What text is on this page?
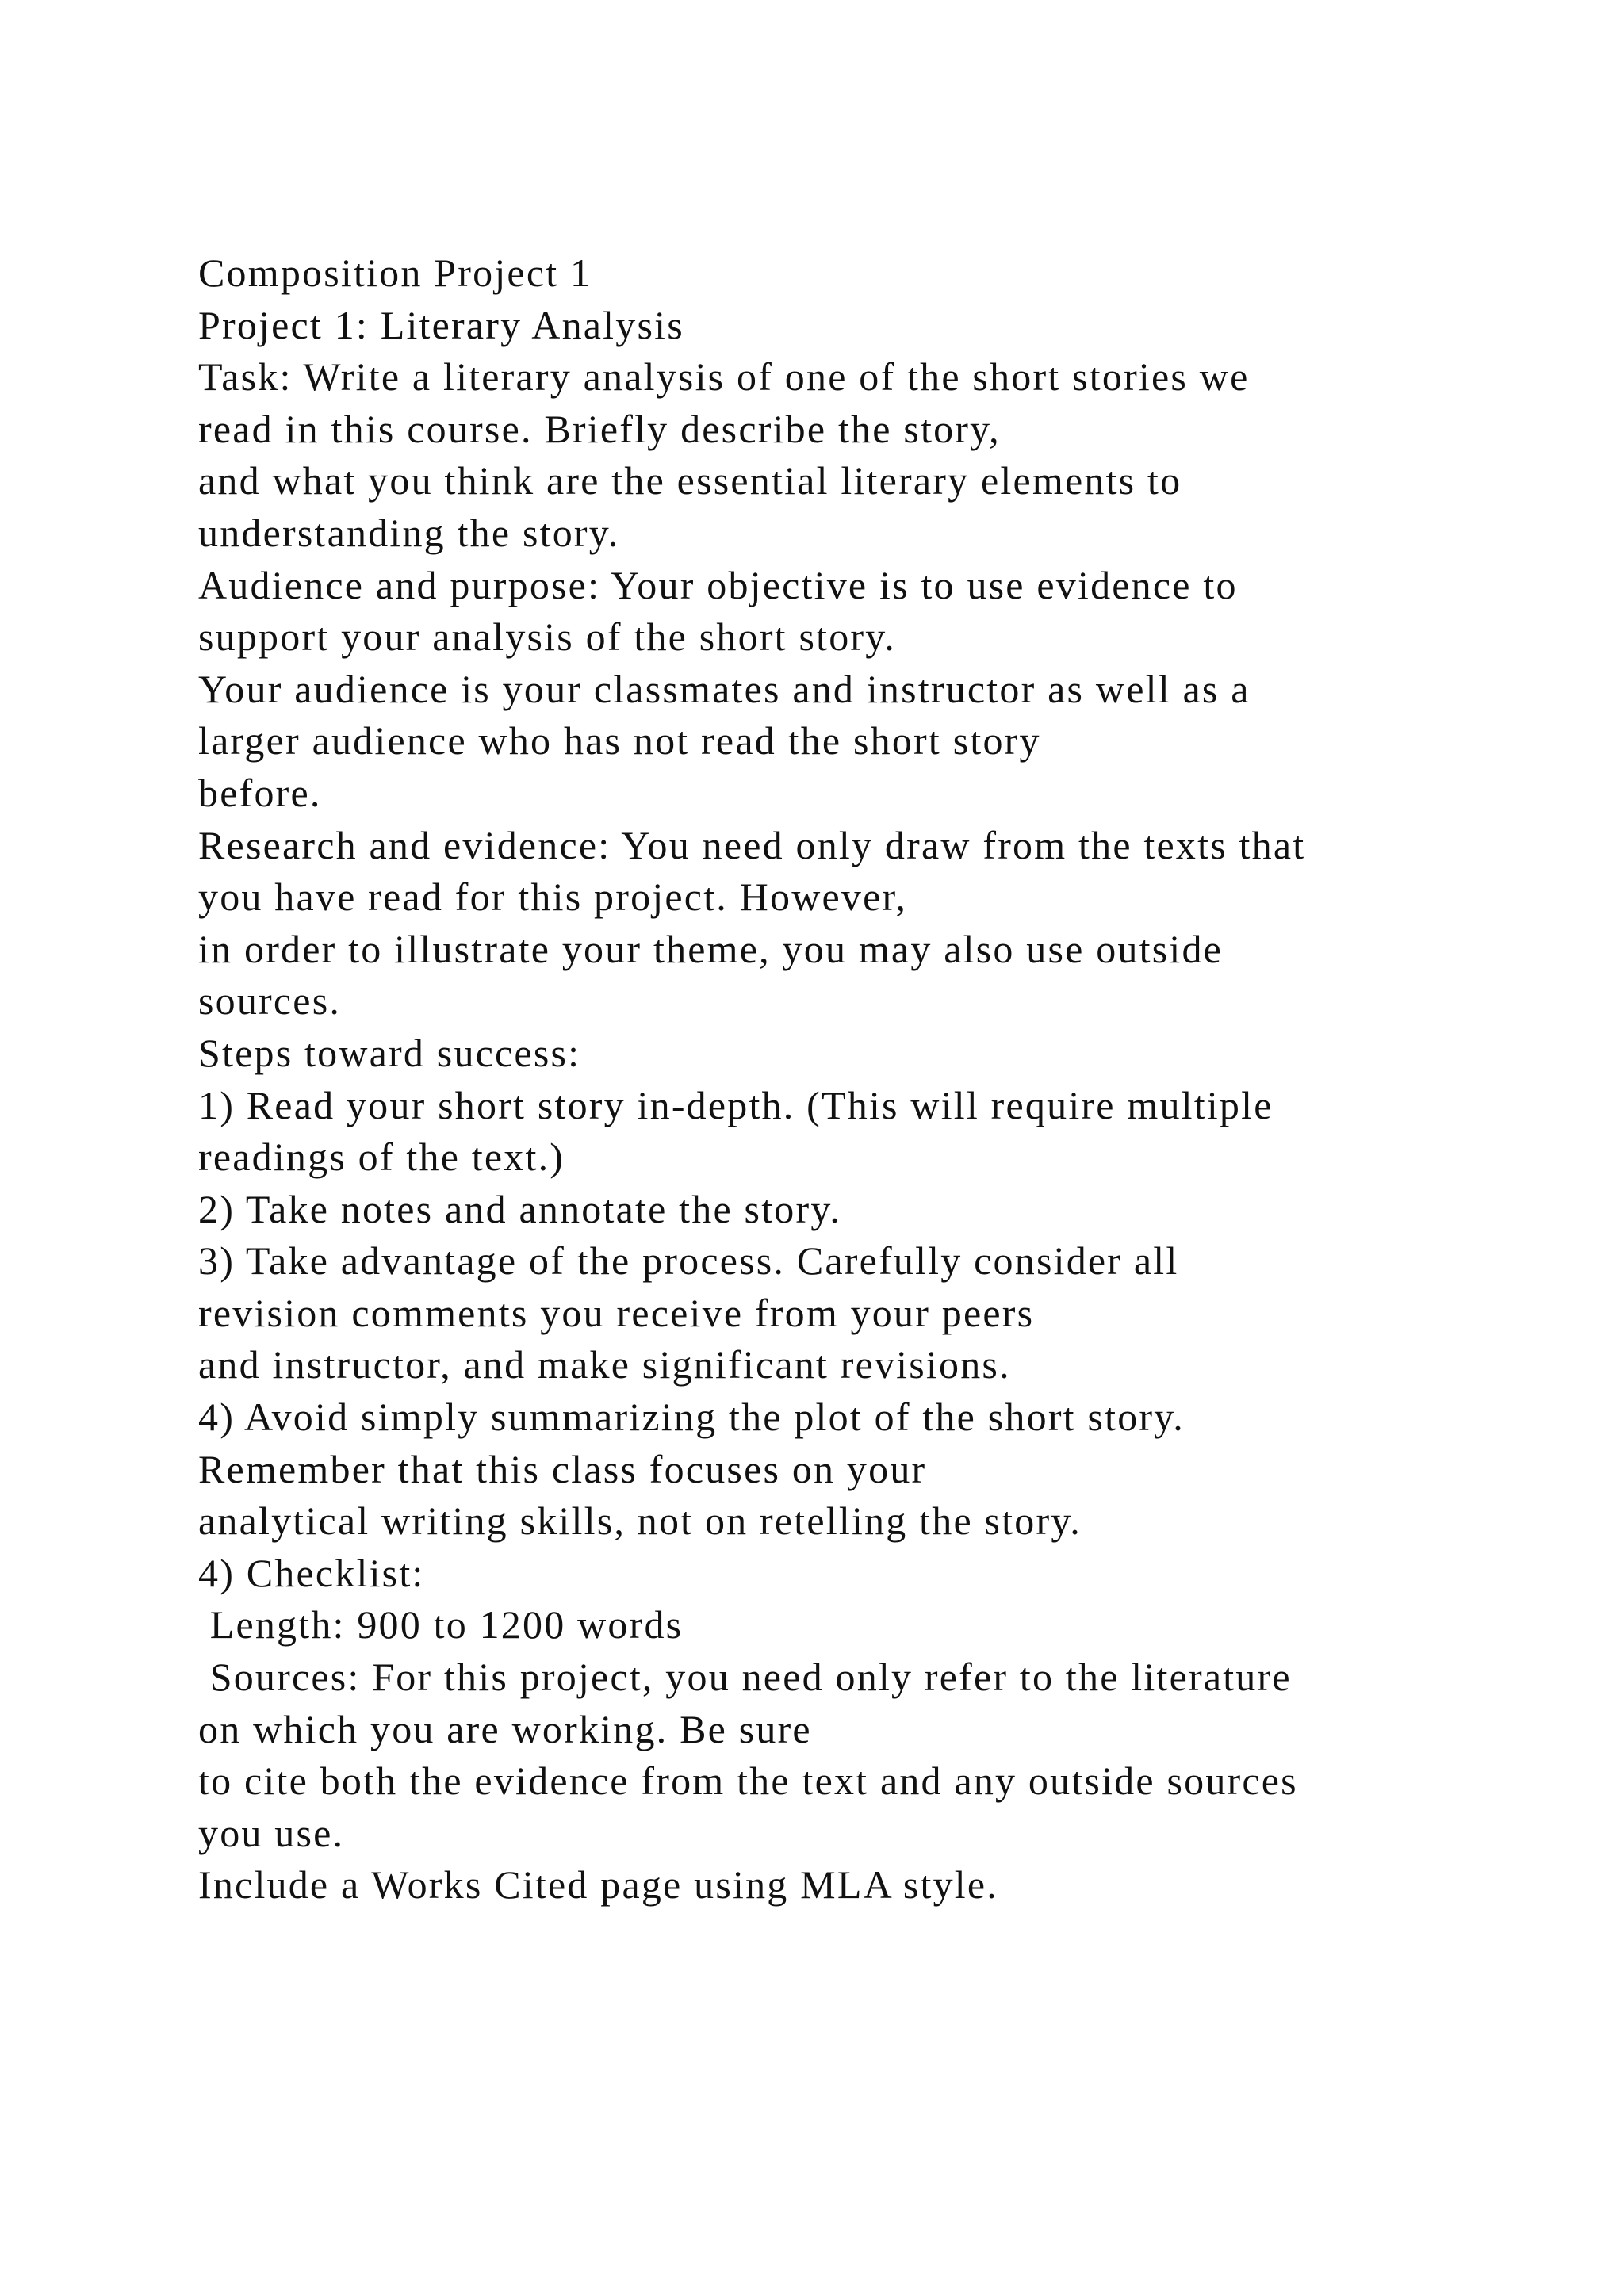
Composition Project 1
Project 1: Literary Analysis
Task: Write a literary analysis of one of the short stories we
read in this course. Briefly describe the story,
and what you think are the essential literary elements to
understanding the story.
Audience and purpose: Your objective is to use evidence to
support your analysis of the short story.
Your audience is your classmates and instructor as well as a
larger audience who has not read the short story
before.
Research and evidence: You need only draw from the texts that
you have read for this project. However,
in order to illustrate your theme, you may also use outside
sources.
Steps toward success:
1) Read your short story in-depth. (This will require multiple
readings of the text.)
2) Take notes and annotate the story.
3) Take advantage of the process. Carefully consider all
revision comments you receive from your peers
and instructor, and make significant revisions.
4) Avoid simply summarizing the plot of the short story.
Remember that this class focuses on your
analytical writing skills, not on retelling the story.
4) Checklist:
Length: 900 to 1200 words
Sources: For this project, you need only refer to the literature
on which you are working. Be sure
to cite both the evidence from the text and any outside sources
you use.
Include a Works Cited page using MLA style.
